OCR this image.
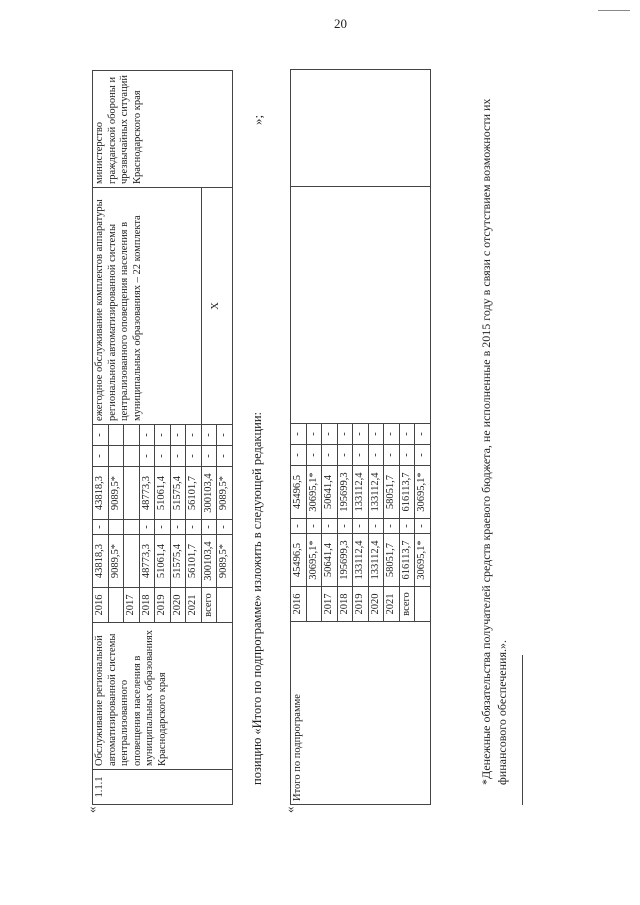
20
«
1.1.1	Обслуживание региональной автоматизированной системы централизованного оповещения населения в муниципальных образованиях Краснодарского края	2016	43818,3	-	43818,3	-	-	ежегодное обслуживание комплектов аппаратуры региональной автоматизированной системы централизованного оповещения населения в муниципальных образованиях – 22 комплекта	министерство гражданской обороны и чрезвычайных ситуаций Краснодарского края
			9089,5*		9089,5*				
		2017							
		2018	48773,3	-	48773,3	-	-		
		2019	51061,4	-	51061,4	-	-		
		2020	51575,4	-	51575,4	-	-		
		2021	56101,7	-	56101,7	-	-		
		всего	300103,4	-	300103,4	-	-	X	
			9089,5*	-	9089,5*	-	-		
»;
позицию «Итого по подпрограмме» изложить в следующей редакции:
«
Итого по подпрограмме	2016	45496,5	-	45496,5	-	-		
		30695,1*	-	30695,1*	-	-		
	2017	50641,4	-	50641,4	-	-		
	2018	195699,3	-	195699,3	-	-		
	2019	133112,4	-	133112,4	-	-		
	2020	133112,4	-	133112,4	-	-		
	2021	58051,7	-	58051,7	-	-		
	всего	616113,7	-	616113,7	-	-		
		30695,1*	-	30695,1*	-	-			*Денежные обязательства получателей средств краевого бюджета, не исполненные в 2015 году в связи с отсутствием возможности их финансового обеспечения.».
